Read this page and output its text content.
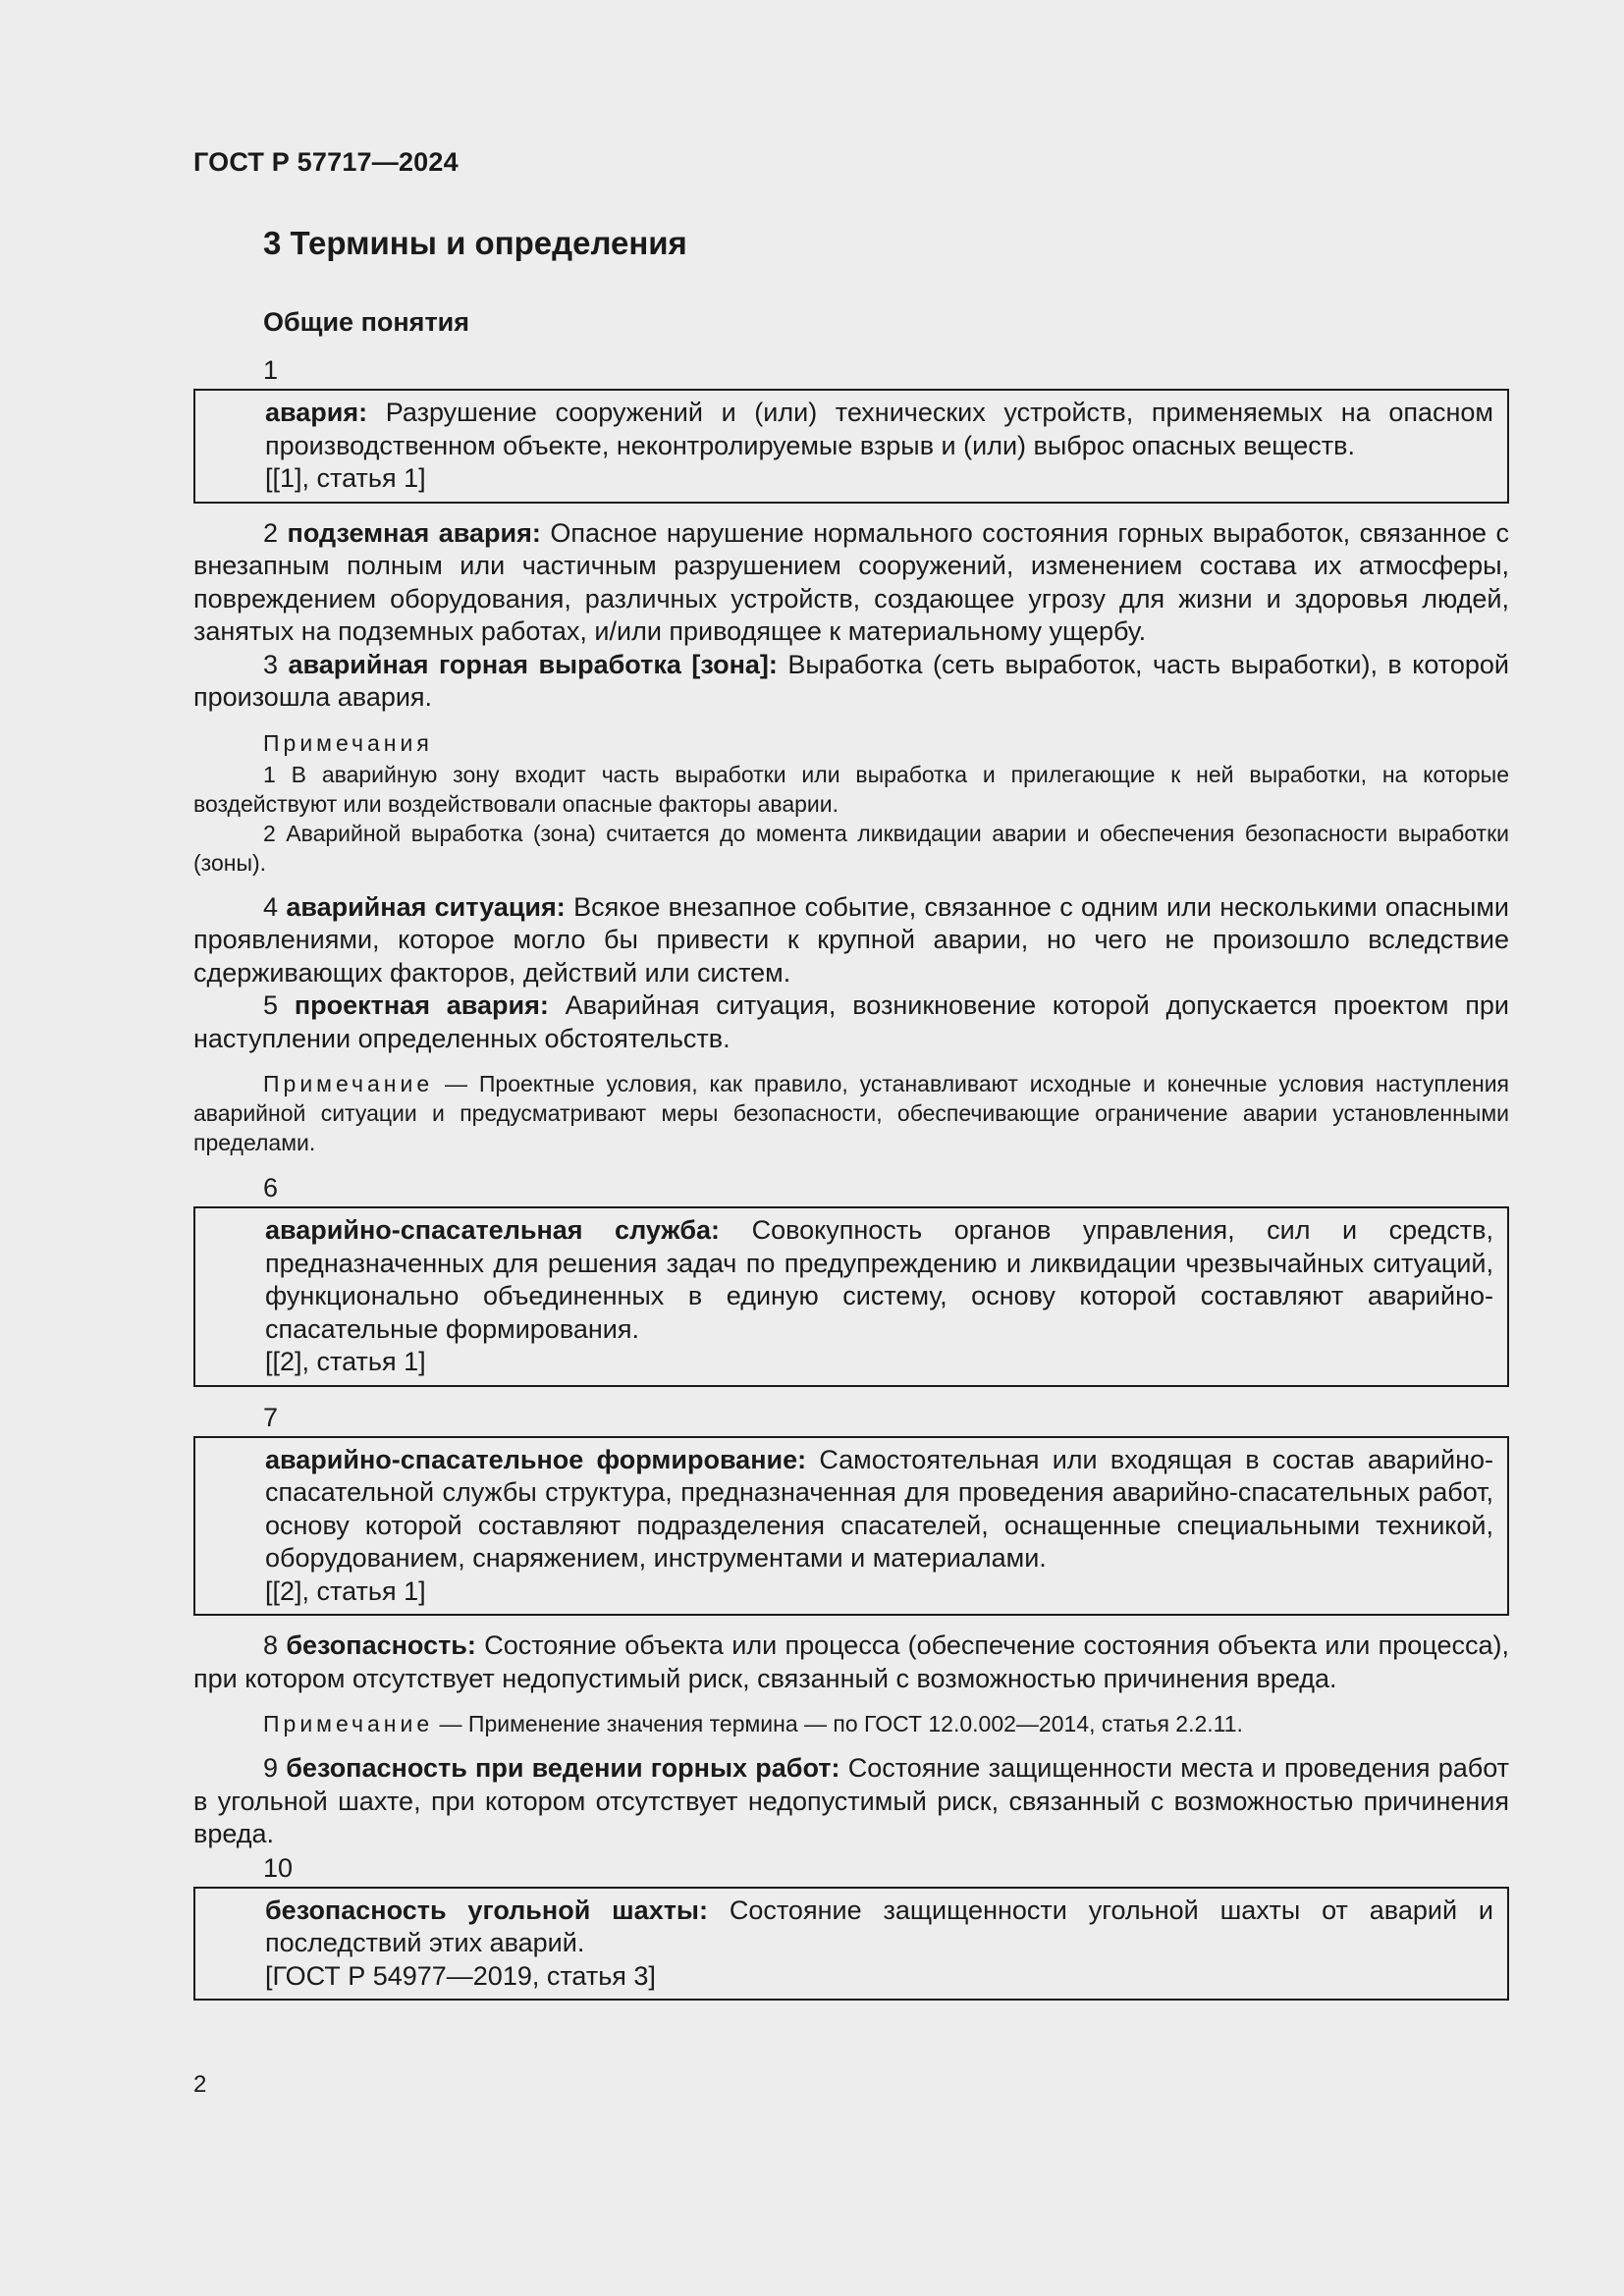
ГОСТ Р 57717—2024
3 Термины и определения
Общие понятия
1

авария: Разрушение сооружений и (или) технических устройств, применяемых на опасном производственном объекте, неконтролируемые взрыв и (или) выброс опасных веществ.

[[1], статья 1]

2 подземная авария: Опасное нарушение нормального состояния горных выработок, связанное с внезапным полным или частичным разрушением сооружений, изменением состава их атмосферы, повреждением оборудования, различных устройств, создающее угрозу для жизни и здоровья людей, занятых на подземных работах, и/или приводящее к материальному ущербу.

3 аварийная горная выработка [зона]: Выработка (сеть выработок, часть выработки), в которой произошла авария.

Примечания

1 В аварийную зону входит часть выработки или выработка и прилегающие к ней выработки, на которые воздействуют или воздействовали опасные факторы аварии.

2 Аварийной выработка (зона) считается до момента ликвидации аварии и обеспечения безопасности выработки (зоны).

4 аварийная ситуация: Всякое внезапное событие, связанное с одним или несколькими опасными проявлениями, которое могло бы привести к крупной аварии, но чего не произошло вследствие сдерживающих факторов, действий или систем.

5 проектная авария: Аварийная ситуация, возникновение которой допускается проектом при наступлении определенных обстоятельств.

Примечание — Проектные условия, как правило, устанавливают исходные и конечные условия наступления аварийной ситуации и предусматривают меры безопасности, обеспечивающие ограничение аварии установленными пределами.

6

аварийно-спасательная служба: Совокупность органов управления, сил и средств, предназначенных для решения задач по предупреждению и ликвидации чрезвычайных ситуаций, функционально объединенных в единую систему, основу которой составляют аварийно-спасательные формирования.

[[2], статья 1]

7

аварийно-спасательное формирование: Самостоятельная или входящая в состав аварийно-спасательной службы структура, предназначенная для проведения аварийно-спасательных работ, основу которой составляют подразделения спасателей, оснащенные специальными техникой, оборудованием, снаряжением, инструментами и материалами.

[[2], статья 1]

8 безопасность: Состояние объекта или процесса (обеспечение состояния объекта или процесса), при котором отсутствует недопустимый риск, связанный с возможностью причинения вреда.

Примечание — Применение значения термина — по ГОСТ 12.0.002—2014, статья 2.2.11.

9 безопасность при ведении горных работ: Состояние защищенности места и проведения работ в угольной шахте, при котором отсутствует недопустимый риск, связанный с возможностью причинения вреда.

10

безопасность угольной шахты: Состояние защищенности угольной шахты от аварий и последствий этих аварий.

[ГОСТ Р 54977—2019, статья 3]

2
